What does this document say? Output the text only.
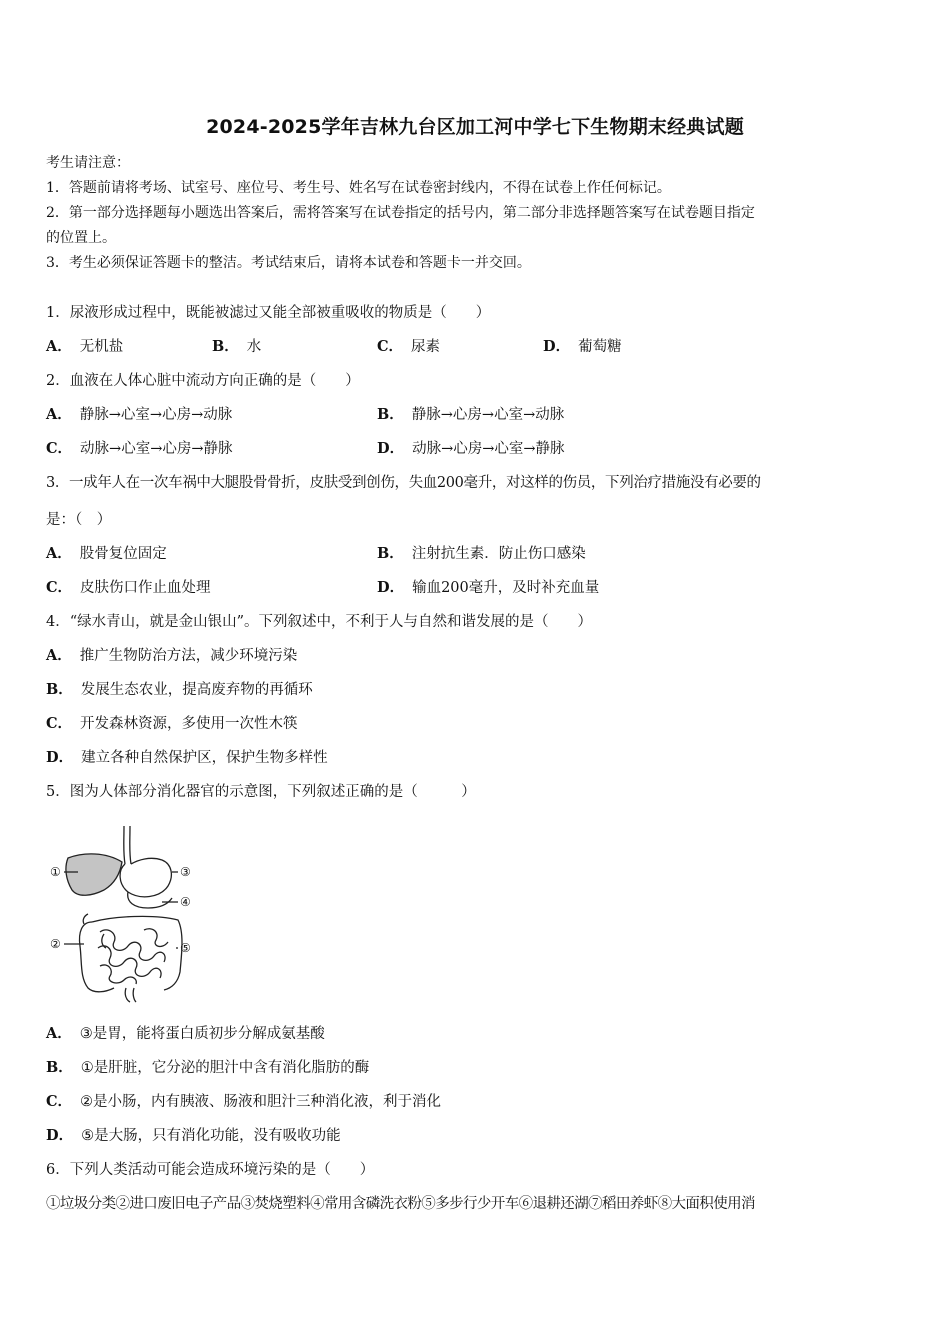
2024-2025学年吉林九台区加工河中学七下生物期末经典试题
考生请注意：
1．答题前请将考场、试室号、座位号、考生号、姓名写在试卷密封线内，不得在试卷上作任何标记。
2．第一部分选择题每小题选出答案后，需将答案写在试卷指定的括号内，第二部分非选择题答案写在试卷题目指定
的位置上。
3．考生必须保证答题卡的整洁。考试结束后，请将本试卷和答题卡一并交回。
1．尿液形成过程中，既能被滤过又能全部被重吸收的物质是（　　）
A． 无机盐	B． 水	C． 尿素	D． 葡萄糖
2．血液在人体心脏中流动方向正确的是（　　）
A． 静脉→心室→心房→动脉	B． 静脉→心房→心室→动脉
C． 动脉→心室→心房→静脉	D． 动脉→心房→心室→静脉
3．一成年人在一次车祸中大腿股骨骨折，皮肤受到创伤，失血200毫升，对这样的伤员，下列治疗措施没有必要的
是：（　）
A． 股骨复位固定	B． 注射抗生素．防止伤口感染
C． 皮肤伤口作止血处理	D． 输血200毫升，及时补充血量
4．“绿水青山，就是金山银山”。下列叙述中，不利于人与自然和谐发展的是（　　）
A． 推广生物防治方法，减少环境污染
B． 发展生态农业，提高废弃物的再循环
C． 开发森林资源，多使用一次性木筷
D． 建立各种自然保护区，保护生物多样性
5．图为人体部分消化器官的示意图，下列叙述正确的是（　　　）
①
②
③
④
⑤
A． ③是胃，能将蛋白质初步分解成氨基酸
B． ①是肝脏，它分泌的胆汁中含有消化脂肪的酶
C． ②是小肠，内有胰液、肠液和胆汁三种消化液，利于消化
D． ⑤是大肠，只有消化功能，没有吸收功能
6．下列人类活动可能会造成环境污染的是（　　）
①垃圾分类②进口废旧电子产品③焚烧塑料④常用含磷洗衣粉⑤多步行少开车⑥退耕还湖⑦稻田养虾⑧大面积使用消
